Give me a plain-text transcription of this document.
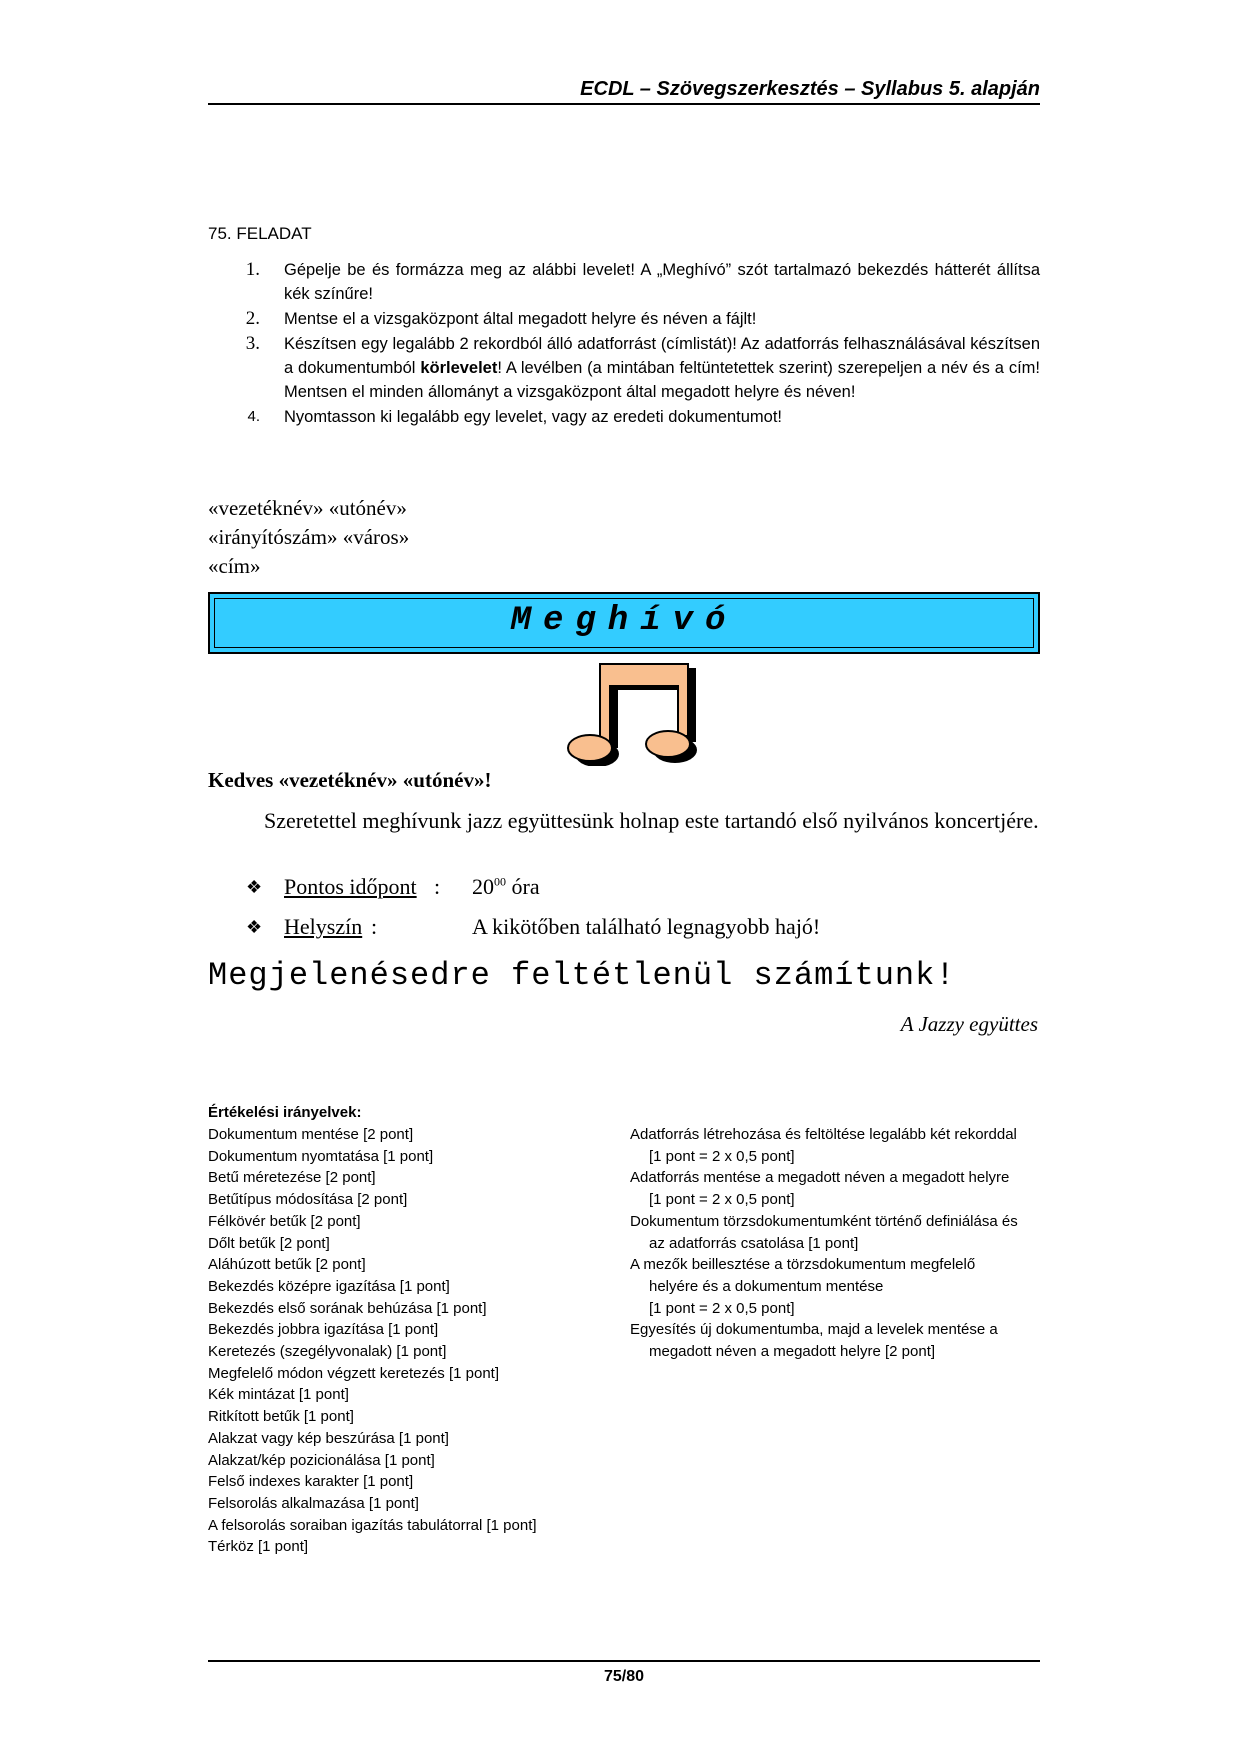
ECDL – Szövegszerkesztés – Syllabus 5. alapján
75. FELADAT
1. Gépelje be és formázza meg az alábbi levelet! A „Meghívó” szót tartalmazó bekezdés hátterét állítsa kék színűre!
2. Mentse el a vizsgaközpont által megadott helyre és néven a fájlt!
3. Készítsen egy legalább 2 rekordból álló adatforrást (címlistát)! Az adatforrás felhasználásával készítsen a dokumentumból körlevelet! A levélben (a mintában feltüntetettek szerint) szerepeljen a név és a cím! Mentsen el minden állományt a vizsgaközpont által megadott helyre és néven!
4. Nyomtasson ki legalább egy levelet, vagy az eredeti dokumentumot!
«vezetéknév» «utónév»
«irányítószám» «város»
«cím»
Meghívó
Kedves «vezetéknév» «utónév»!
Szeretettel meghívunk jazz együttesünk holnap este tartandó első nyilvános koncertjére.
❖ Pontos időpont : $20^{00}$ óra
❖ Helyszín :	A kikötőben található legnagyobb hajó!
Megjelenésedre feltétlenül számítunk!
A Jazzy együttes
Értékelési irányelvek:
Dokumentum mentése [2 pont]
Dokumentum nyomtatása [1 pont]
Betű méretezése [2 pont]
Betűtípus módosítása [2 pont]
Félkövér betűk [2 pont]
Dőlt betűk [2 pont]
Aláhúzott betűk [2 pont]
Bekezdés középre igazítása [1 pont]
Bekezdés első sorának behúzása [1 pont]
Bekezdés jobbra igazítása [1 pont]
Keretezés (szegélyvonalak) [1 pont]
Megfelelő módon végzett keretezés [1 pont]
Kék mintázat [1 pont]
Ritkított betűk [1 pont]
Alakzat vagy kép beszúrása [1 pont]
Alakzat/kép pozicionálása [1 pont]
Felső indexes karakter [1 pont]
Felsorolás alkalmazása [1 pont]
A felsorolás soraiban igazítás tabulátorral [1 pont]
Térköz [1 pont]
Adatforrás létrehozása és feltöltése legalább két rekorddal
[1 pont = 2 x 0,5 pont]
Adatforrás mentése a megadott néven a megadott helyre
[1 pont = 2 x 0,5 pont]
Dokumentum törzsdokumentumként történő definiálása és
az adatforrás csatolása [1 pont]
A mezők beillesztése a törzsdokumentum megfelelő
helyére és a dokumentum mentése
[1 pont = 2 x 0,5 pont]
Egyesítés új dokumentumba, majd a levelek mentése a
megadott néven a megadott helyre [2 pont]
75/80
